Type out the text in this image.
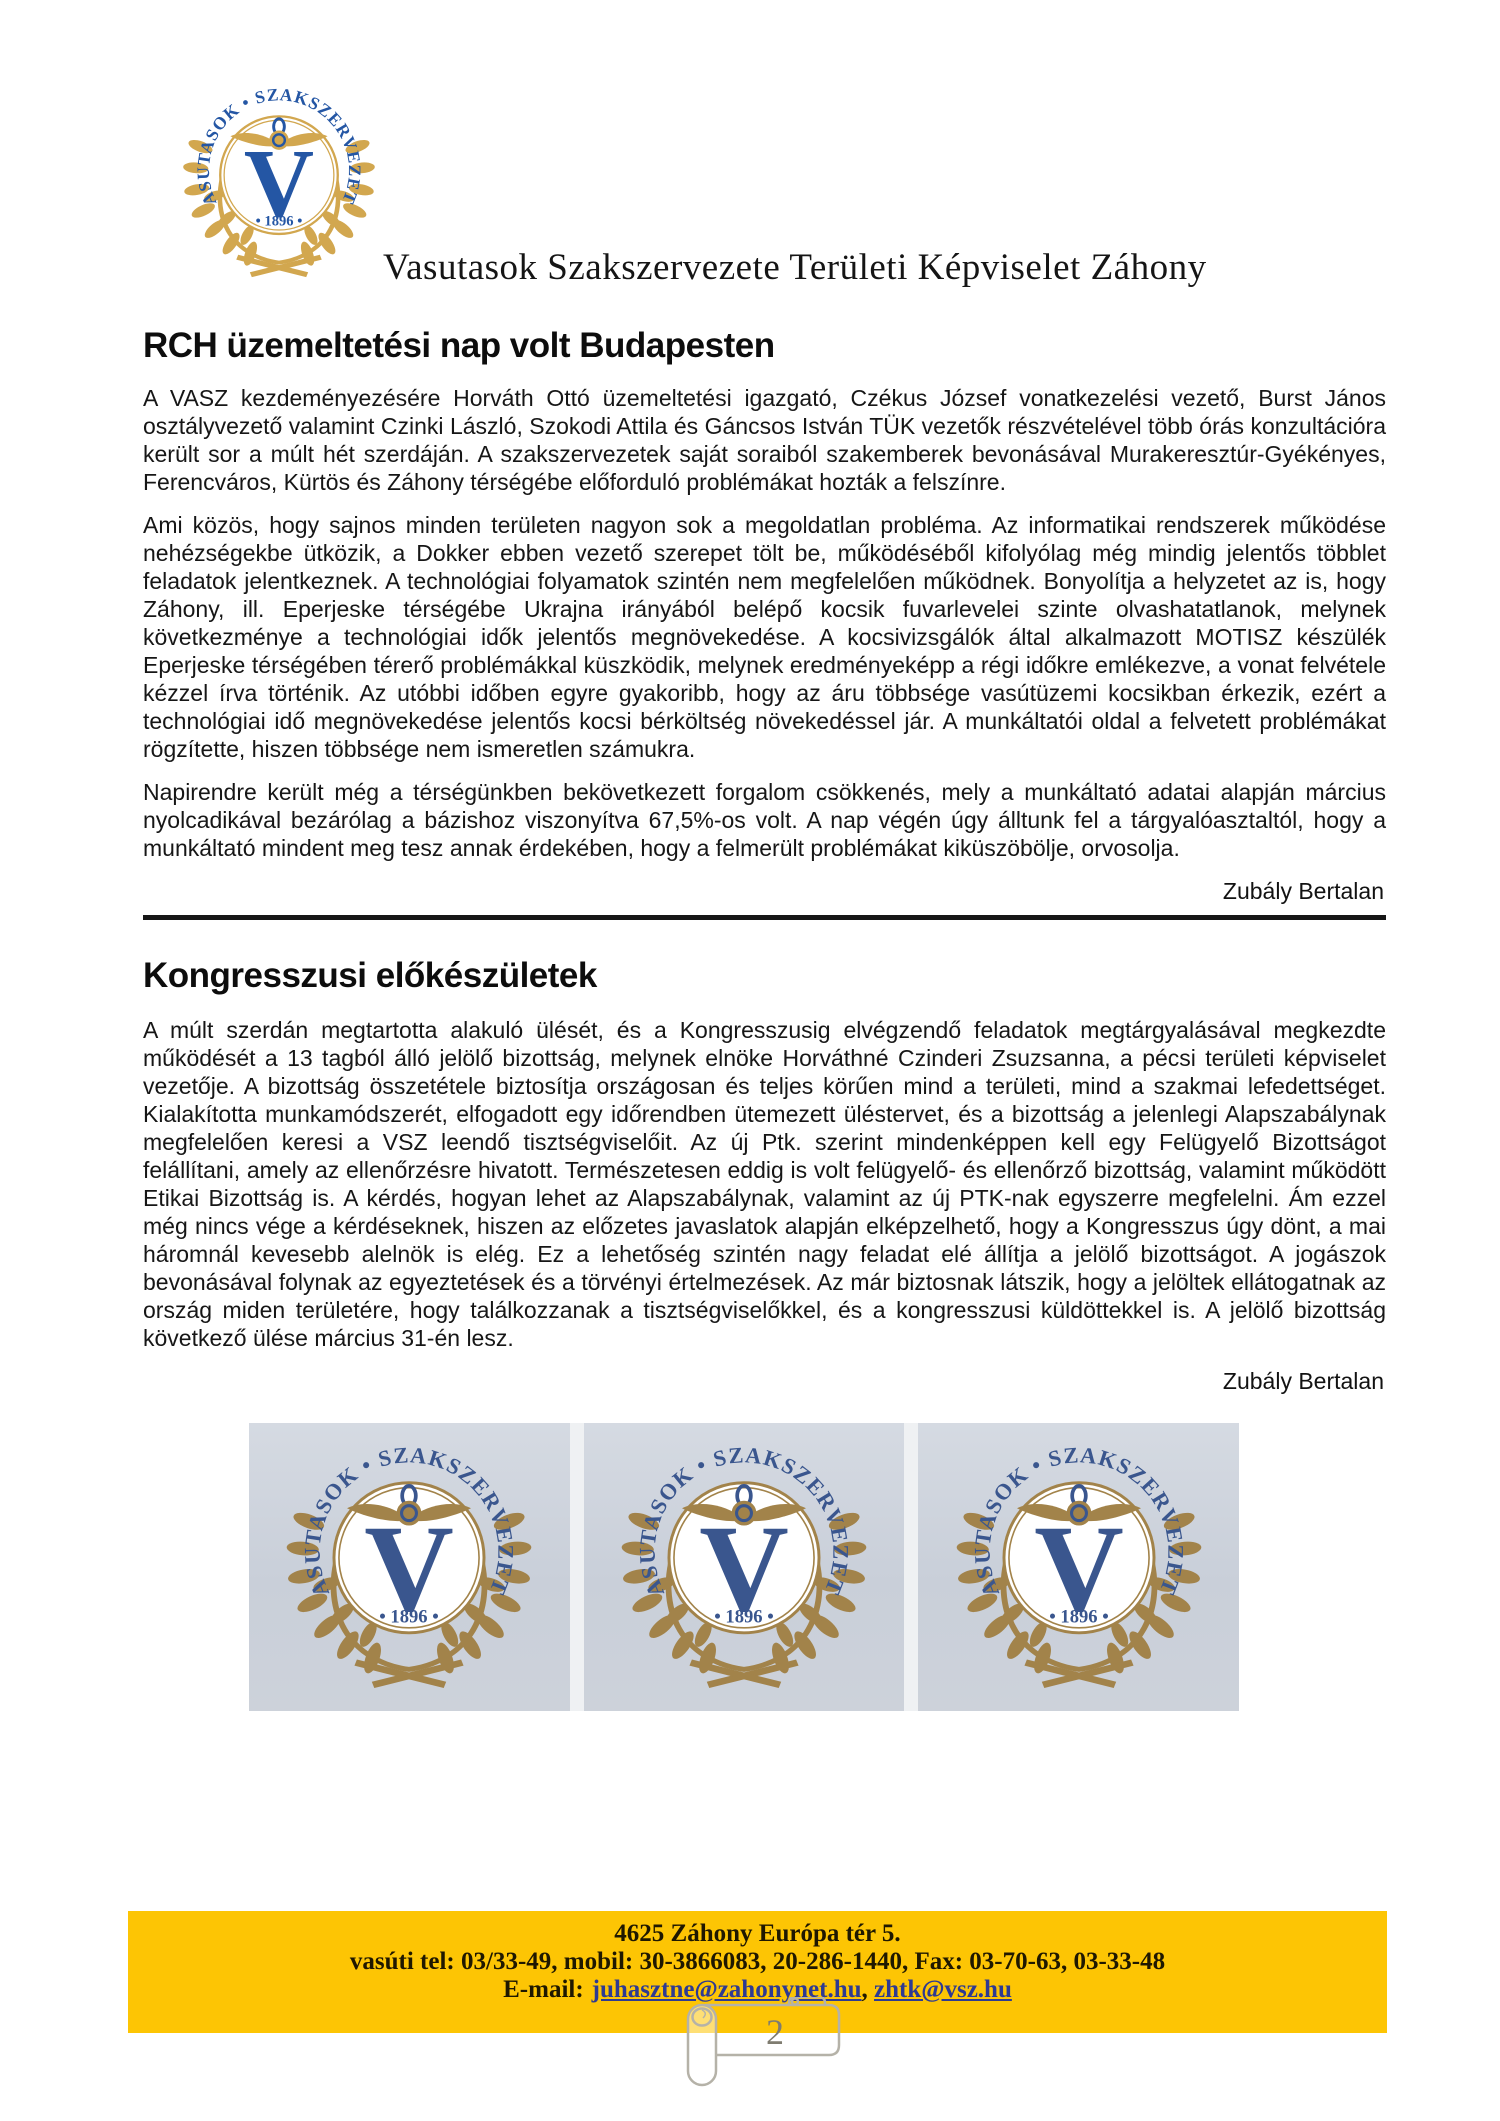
Vasutasok Szakszervezete Területi Képviselet Záhony
RCH üzemeltetési nap volt Budapesten

A VASZ kezdeményezésére Horváth Ottó üzemeltetési igazgató, Czékus József vonatkezelési vezető, Burst János osztályvezető valamint Czinki László, Szokodi Attila és Gáncsos István TÜK vezetők részvételével több órás konzultációra került sor a múlt hét szerdáján. A szakszervezetek saját soraiból szakemberek bevonásával Murakeresztúr-Gyékényes, Ferencváros, Kürtös és Záhony térségébe előforduló problémákat hozták a felszínre.

Ami közös, hogy sajnos minden területen nagyon sok a megoldatlan probléma. Az informatikai rendszerek működése nehézségekbe ütközik, a Dokker ebben vezető szerepet tölt be, működéséből kifolyólag még mindig jelentős többlet feladatok jelentkeznek. A technológiai folyamatok szintén nem megfelelően működnek. Bonyolítja a helyzetet az is, hogy Záhony, ill. Eperjeske térségébe Ukrajna irányából belépő kocsik fuvarlevelei szinte olvashatatlanok, melynek következménye a technológiai idők jelentős megnövekedése. A kocsivizsgálók által alkalmazott MOTISZ készülék Eperjeske térségében térerő problémákkal küszködik, melynek eredményeképp a régi időkre emlékezve, a vonat felvétele kézzel írva történik. Az utóbbi időben egyre gyakoribb, hogy az áru többsége vasútüzemi kocsikban érkezik, ezért a technológiai idő megnövekedése jelentős kocsi bérköltség növekedéssel jár. A munkáltatói oldal a felvetett problémákat rögzítette, hiszen többsége nem ismeretlen számukra.

Napirendre került még a térségünkben bekövetkezett forgalom csökkenés, mely a munkáltató adatai alapján március nyolcadikával bezárólag a bázishoz viszonyítva 67,5%-os volt. A nap végén úgy álltunk fel a tárgyalóasztaltól, hogy a munkáltató mindent meg tesz annak érdekében, hogy a felmerült problémákat kiküszöbölje, orvosolja.

Zubály Bertalan
Kongresszusi előkészületek

A múlt szerdán megtartotta alakuló ülését, és a Kongresszusig elvégzendő feladatok megtárgyalásával megkezdte működését a 13 tagból álló jelölő bizottság, melynek elnöke Horváthné Czinderi Zsuzsanna, a pécsi területi képviselet vezetője. A bizottság összetétele biztosítja országosan és teljes körűen mind a területi, mind a szakmai lefedettséget. Kialakította munkamódszerét, elfogadott egy időrendben ütemezett üléstervet, és a bizottság a jelenlegi Alapszabálynak megfelelően keresi a VSZ leendő tisztségviselőit. Az új Ptk. szerint mindenképpen kell egy Felügyelő Bizottságot felállítani, amely az ellenőrzésre hivatott. Természetesen eddig is volt felügyelő- és ellenőrző bizottság, valamint működött Etikai Bizottság is. A kérdés, hogyan lehet az Alapszabálynak, valamint az új PTK-nak egyszerre megfelelni. Ám ezzel még nincs vége a kérdéseknek, hiszen az előzetes javaslatok alapján elképzelhető, hogy a Kongresszus úgy dönt, a mai háromnál kevesebb alelnök is elég. Ez a lehetőség szintén nagy feladat elé állítja a jelölő bizottságot. A jogászok bevonásával folynak az egyeztetések és a törvényi értelmezések. Az már biztosnak látszik, hogy a jelöltek ellátogatnak az ország miden területére, hogy találkozzanak a tisztségviselőkkel, és a kongresszusi küldöttekkel is. A jelölő bizottság következő ülése március 31-én lesz.

Zubály Bertalan
4625 Záhony Európa tér 5.
vasúti tel: 03/33-49, mobil: 30-3866083, 20-286-1440, Fax: 03-70-63, 03-33-48
E-mail: juhasztne@zahonynet.hu, zhtk@vsz.hu
2
